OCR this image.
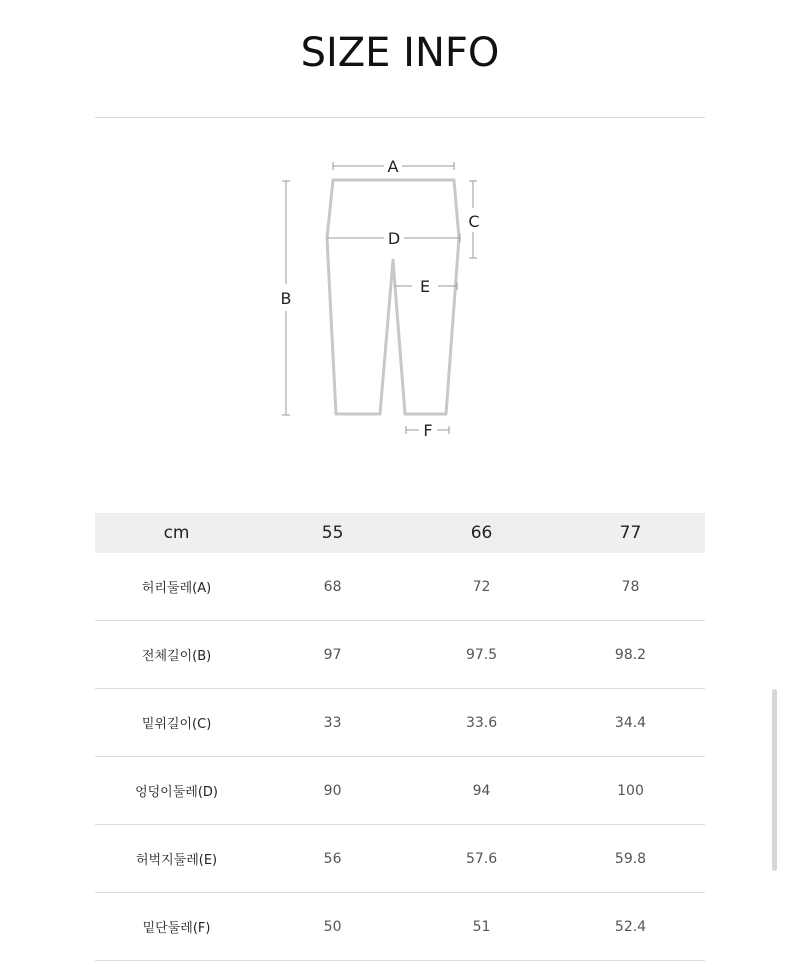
SIZE INFO
A
B
C
D
E
F
cm	55	66	77
허리둘레(A)	68	72	78
전체길이(B)	97	97.5	98.2
밑위길이(C)	33	33.6	34.4
엉덩이둘레(D)	90	94	100
허벅지둘레(E)	56	57.6	59.8
밑단둘레(F)	50	51	52.4
